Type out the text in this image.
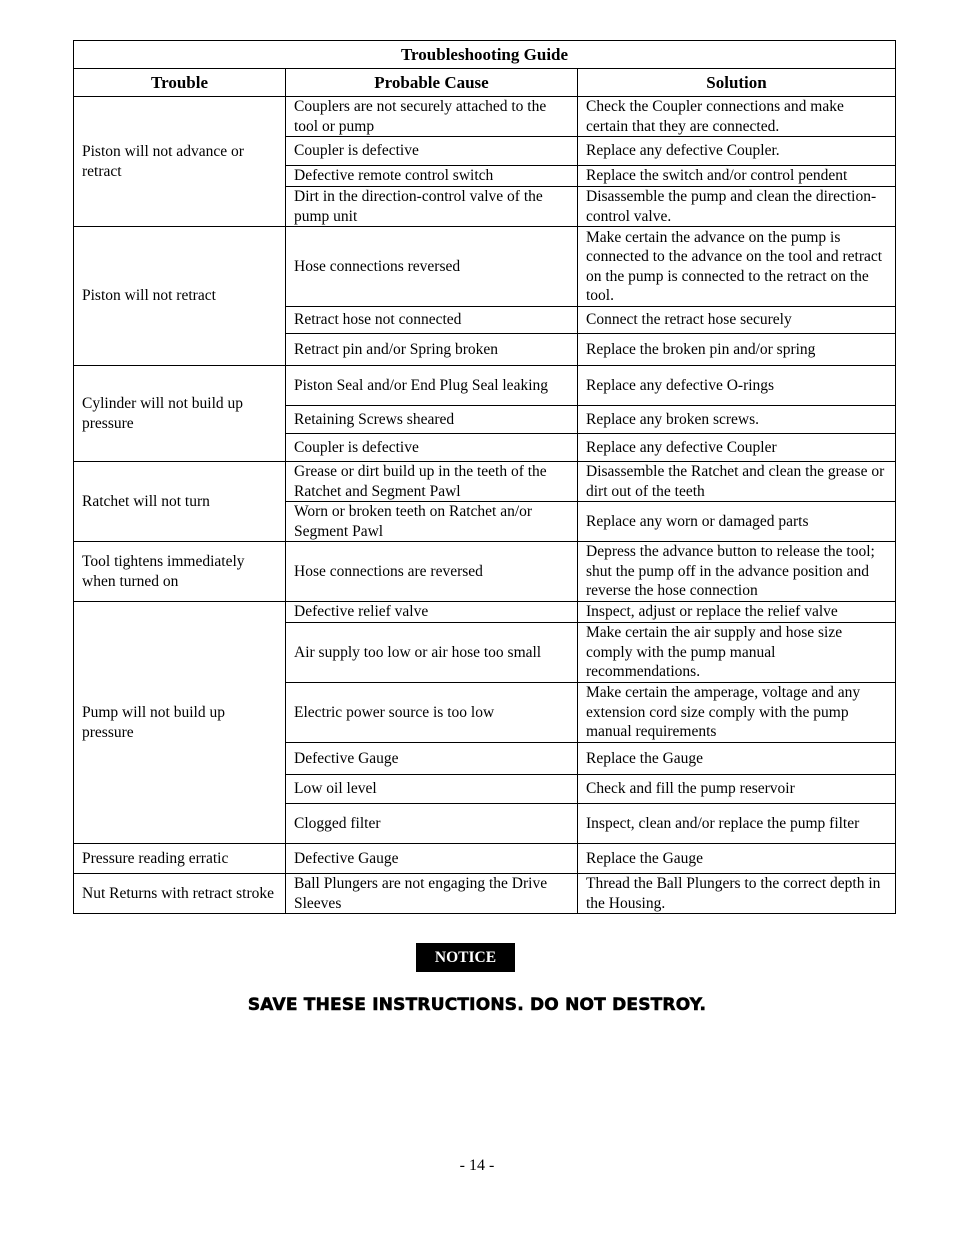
Troubleshooting Guide		
Trouble	Probable Cause	Solution
Piston will not advance or retract	Couplers are not securely attached to the tool or pump	Check the Coupler connections and make certain that they are connected.
	Coupler is defective	Replace any defective Coupler.
	Defective remote control switch	Replace the switch and/or control pendent
	Dirt in the direction-control valve of the pump unit	Disassemble the pump and clean the direction-control valve.
Piston will not retract	Hose connections reversed	Make certain the advance on the pump is connected to the advance on the tool and retract on the pump is connected to the retract on the tool.
	Retract hose not connected	Connect the retract hose securely
	Retract pin and/or Spring broken	Replace the broken pin and/or spring
Cylinder will not build up pressure	Piston Seal and/or End Plug Seal leaking	Replace any defective O-rings
	Retaining Screws sheared	Replace any broken screws.
	Coupler is defective	Replace any defective Coupler
Ratchet will not turn	Grease or dirt build up in the teeth of the Ratchet and Segment Pawl	Disassemble the Ratchet and clean the grease or dirt out of the teeth
	Worn or broken teeth on Ratchet an/or Segment Pawl	Replace any worn or damaged parts
Tool tightens immediately when turned on	Hose connections are reversed	Depress the advance button to release the tool; shut the pump off in the advance position and reverse the hose connection
Pump will not build up pressure	Defective relief valve	Inspect, adjust or replace the relief valve
	Air supply too low or air hose too small	Make certain the air supply and hose size comply with the pump manual recommendations.
	Electric power source is too low	Make certain the amperage, voltage and any extension cord size comply with the pump manual requirements
	Defective Gauge	Replace the Gauge
	Low oil level	Check and fill the pump reservoir
	Clogged filter	Inspect, clean and/or replace the pump filter
Pressure reading erratic	Defective Gauge	Replace the Gauge
Nut Returns with retract stroke	Ball Plungers are not engaging the Drive Sleeves	Thread the Ball Plungers to the correct depth in the Housing.
NOTICE
SAVE THESE INSTRUCTIONS. DO NOT DESTROY.
- 14 -
